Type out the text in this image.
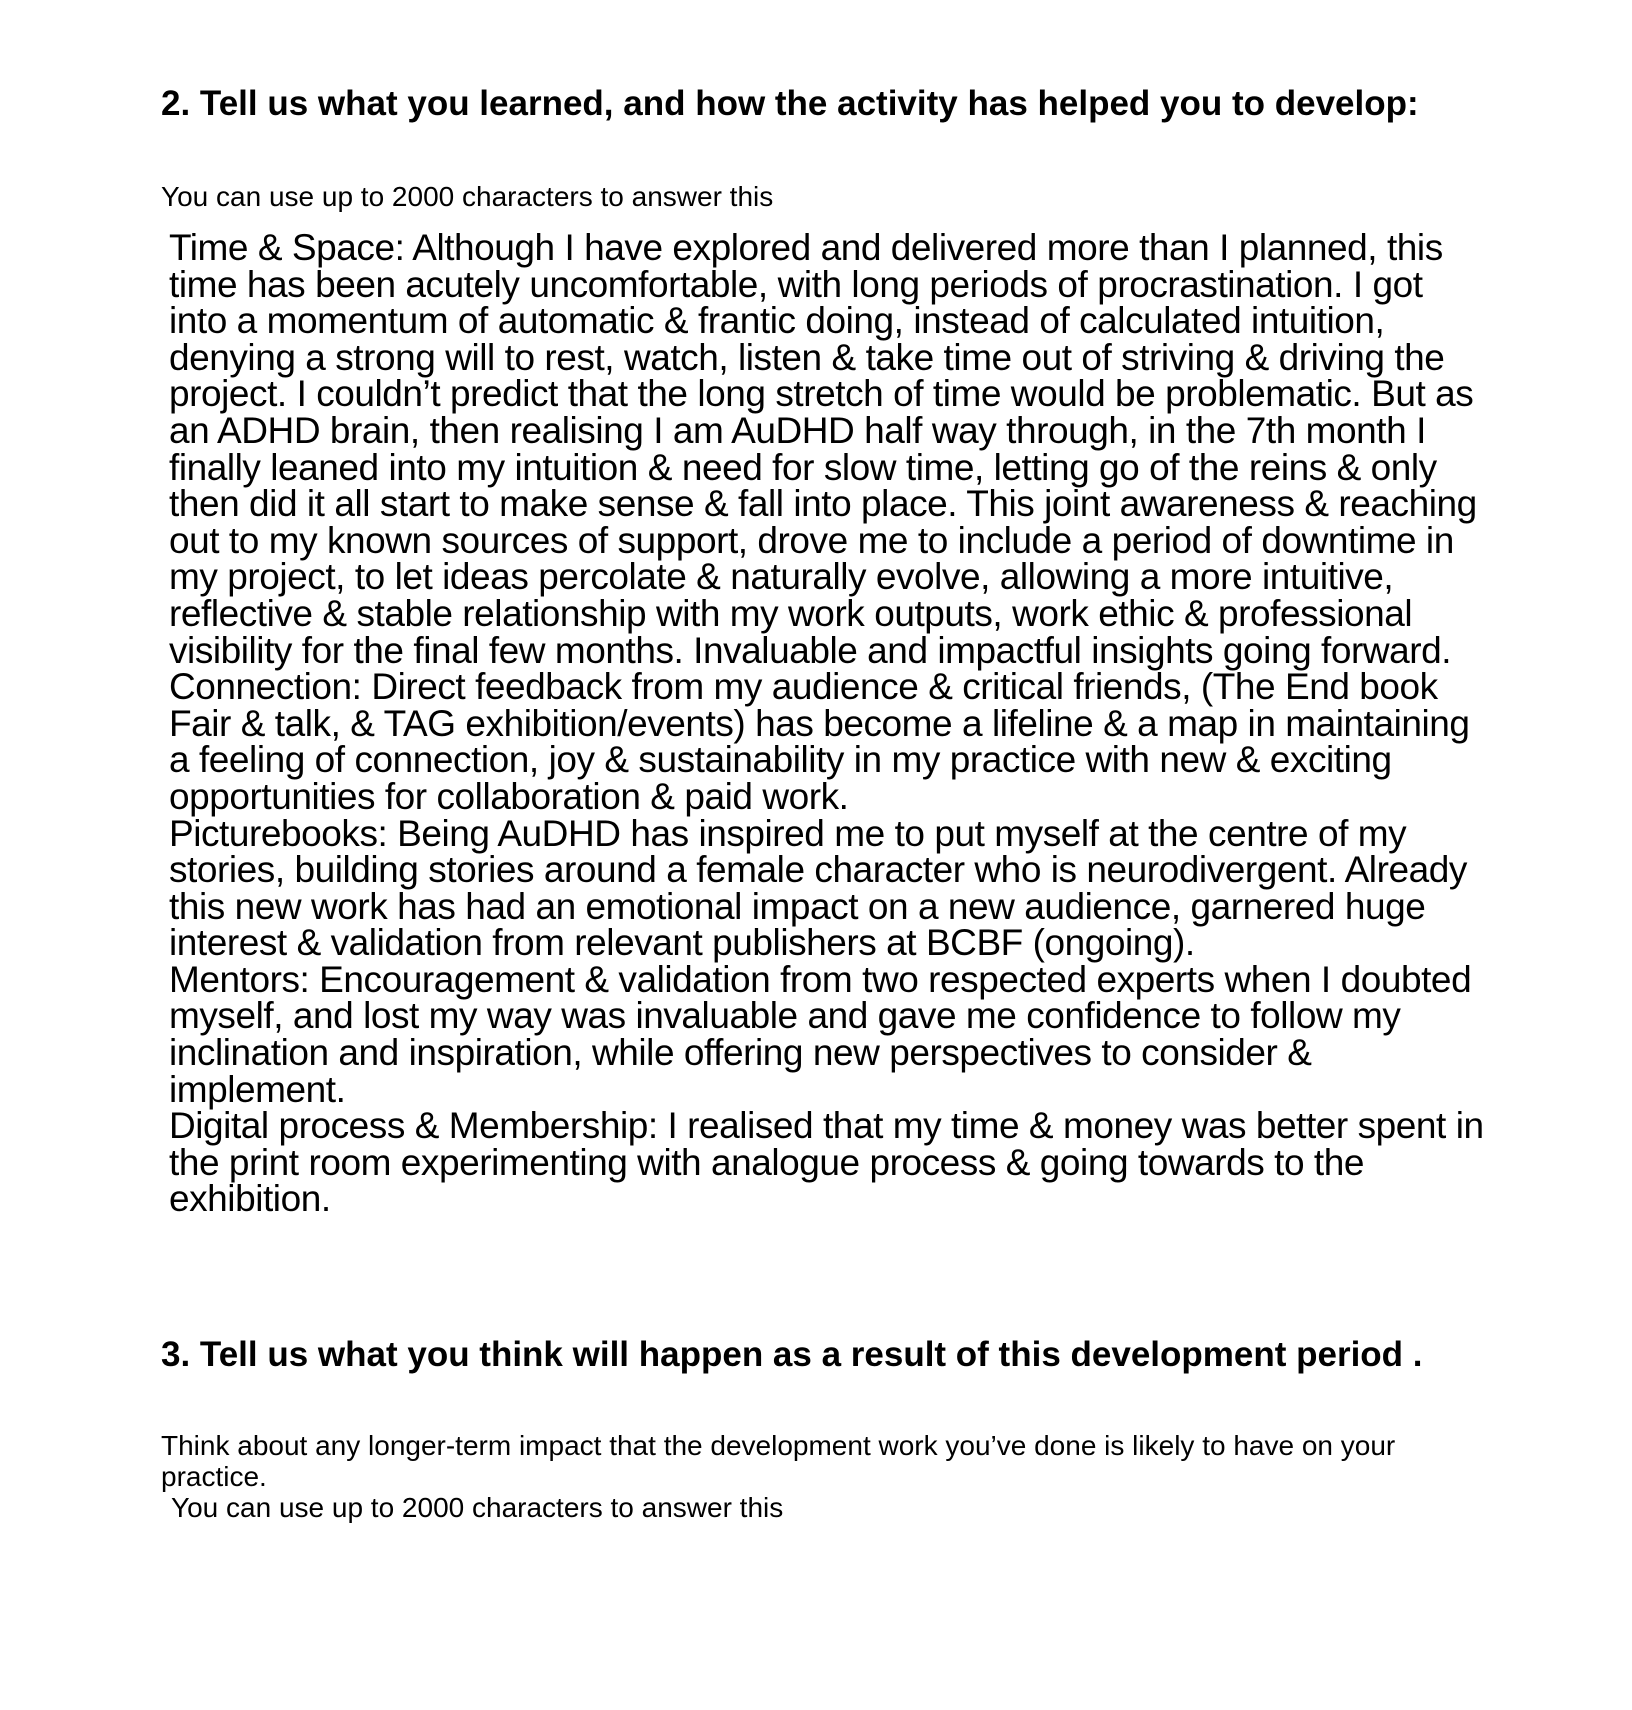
2. Tell us what you learned, and how the activity has helped you to develop:

You can use up to 2000 characters to answer this

Time & Space: Although I have explored and delivered more than I planned, this time has been acutely uncomfortable, with long periods of procrastination. I got into a momentum of automatic & frantic doing, instead of calculated intuition, denying a strong will to rest, watch, listen & take time out of striving & driving the project. I couldn’t predict that the long stretch of time would be problematic. But as an ADHD brain, then realising I am AuDHD half way through, in the 7th month I finally leaned into my intuition & need for slow time, letting go of the reins & only then did it all start to make sense & fall into place. This joint awareness & reaching out to my known sources of support, drove me to include a period of downtime in my project, to let ideas percolate & naturally evolve, allowing a more intuitive, reflective & stable relationship with my work outputs, work ethic & professional visibility for the final few months. Invaluable and impactful insights going forward.
Connection: Direct feedback from my audience & critical friends, (The End book Fair & talk, & TAG exhibition/events) has become a lifeline & a map in maintaining a feeling of connection, joy & sustainability in my practice with new & exciting opportunities for collaboration & paid work.
Picturebooks: Being AuDHD has inspired me to put myself at the centre of my stories, building stories around a female character who is neurodivergent. Already this new work has had an emotional impact on a new audience, garnered huge interest & validation from relevant publishers at BCBF (ongoing).
Mentors: Encouragement & validation from two respected experts when I doubted myself, and lost my way was invaluable and gave me confidence to follow my inclination and inspiration, while offering new perspectives to consider & implement.
Digital process & Membership: I realised that my time & money was better spent in the print room experimenting with analogue process & going towards to the exhibition.
3. Tell us what you think will happen as a result of this development period .

Think about any longer-term impact that the development work you’ve done is likely to have on your practice.

You can use up to 2000 characters to answer this
